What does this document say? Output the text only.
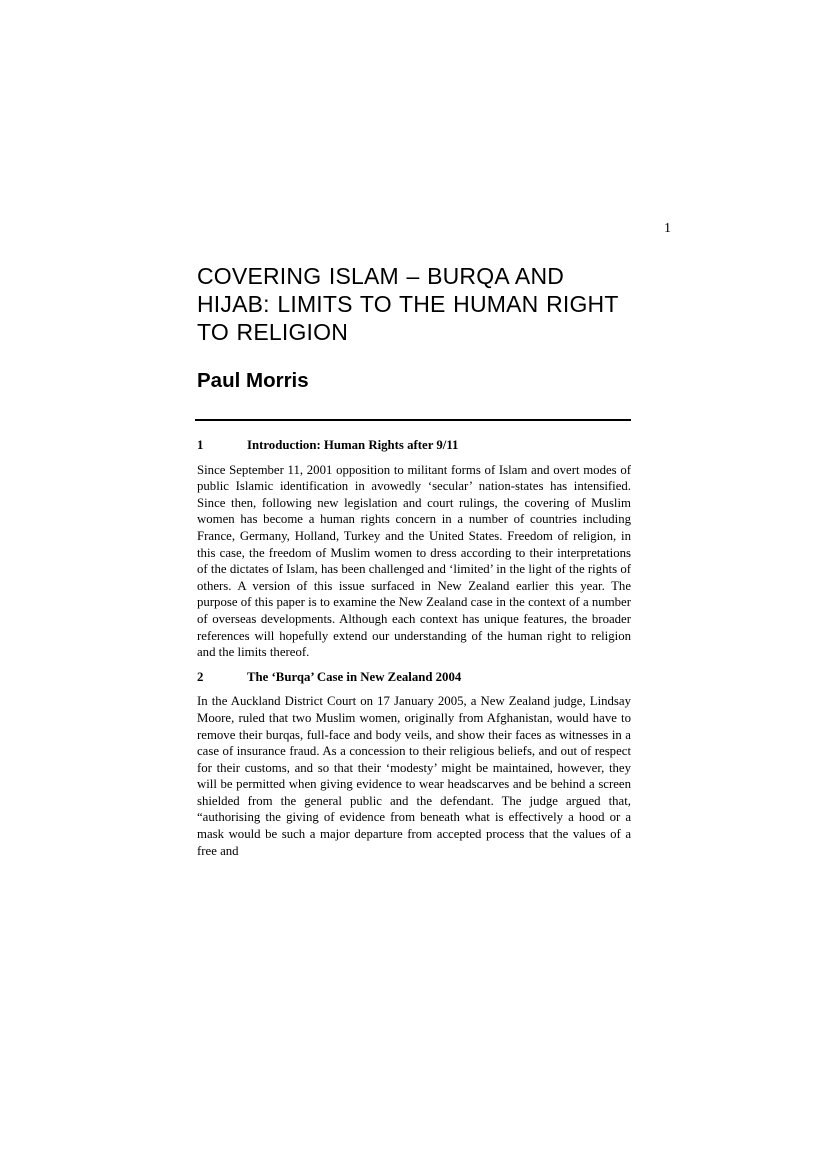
1
COVERING ISLAM – BURQA AND HIJAB: LIMITS TO THE HUMAN RIGHT TO RELIGION
Paul Morris
1	Introduction: Human Rights after 9/11

Since September 11, 2001 opposition to militant forms of Islam and overt modes of public Islamic identification in avowedly ‘secular’ nation-states has intensified. Since then, following new legislation and court rulings, the covering of Muslim women has become a human rights concern in a number of countries including France, Germany, Holland, Turkey and the United States. Freedom of religion, in this case, the freedom of Muslim women to dress according to their interpretations of the dictates of Islam, has been challenged and ‘limited’ in the light of the rights of others. A version of this issue surfaced in New Zealand earlier this year. The purpose of this paper is to examine the New Zealand case in the context of a number of overseas developments. Although each context has unique features, the broader references will hopefully extend our understanding of the human right to religion and the limits thereof.

2	The ‘Burqa’ Case in New Zealand 2004

In the Auckland District Court on 17 January 2005, a New Zealand judge, Lindsay Moore, ruled that two Muslim women, originally from Afghanistan, would have to remove their burqas, full-face and body veils, and show their faces as witnesses in a case of insurance fraud. As a concession to their religious beliefs, and out of respect for their customs, and so that their ‘modesty’ might be maintained, however, they will be permitted when giving evidence to wear headscarves and be behind a screen shielded from the general public and the defendant. The judge argued that, “authorising the giving of evidence from beneath what is effectively a hood or a mask would be such a major departure from accepted process that the values of a free and
